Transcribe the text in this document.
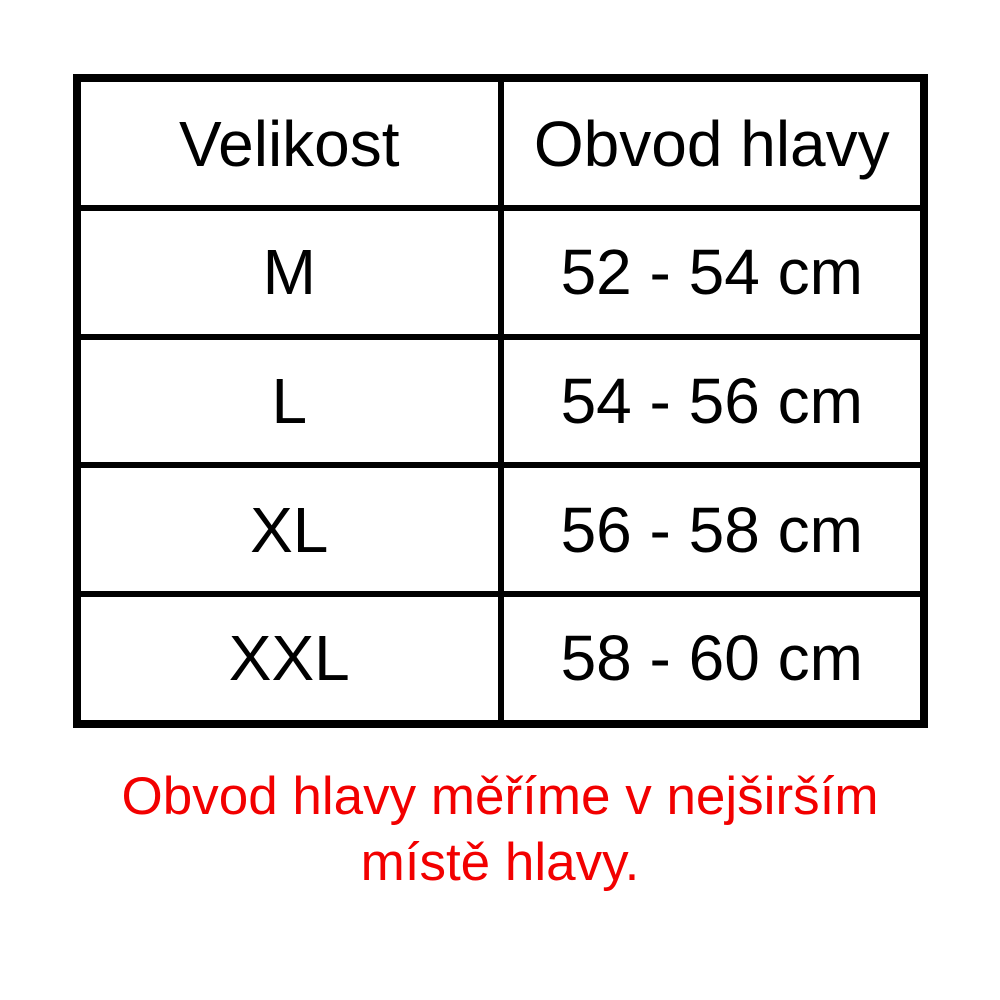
Velikost	Obvod hlavy
M	52 - 54 cm
L	54 - 56 cm
XL	56 - 58 cm
XXL	58 - 60 cm
Obvod hlavy měříme v nejširším
místě hlavy.
